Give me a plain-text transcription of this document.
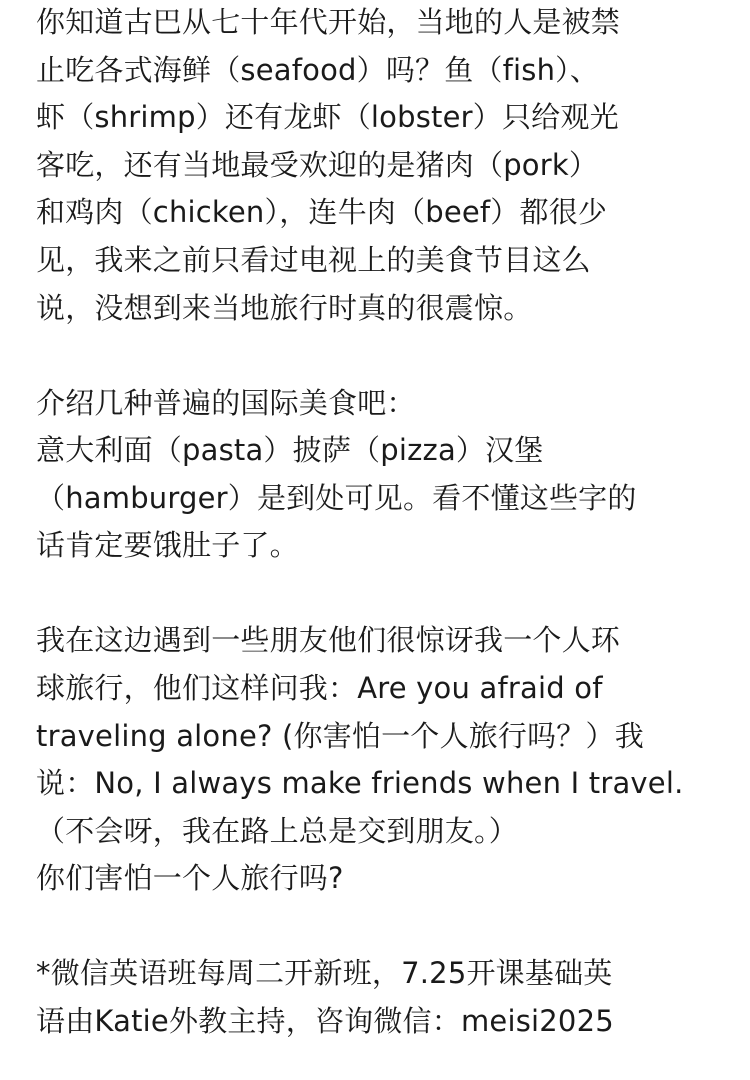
你知道古巴从七十年代开始，当地的人是被禁
止吃各式海鲜（seafood）吗？鱼（fish）、
虾（shrimp）还有龙虾（lobster）只给观光
客吃，还有当地最受欢迎的是猪肉（pork）
和鸡肉（chicken），连牛肉（beef）都很少
见，我来之前只看过电视上的美食节目这么
说，没想到来当地旅行时真的很震惊。
介绍几种普遍的国际美食吧：
意大利面（pasta）披萨（pizza）汉堡
（hamburger）是到处可见。看不懂这些字的
话肯定要饿肚子了。
我在这边遇到一些朋友他们很惊讶我一个人环
球旅行，他们这样问我：Are you afraid of
traveling alone? (你害怕一个人旅行吗？）我
说：No, I always make friends when I travel.
（不会呀，我在路上总是交到朋友。）
你们害怕一个人旅行吗?
*微信英语班每周二开新班，7.25开课基础英
语由Katie外教主持，咨询微信：meisi2025
